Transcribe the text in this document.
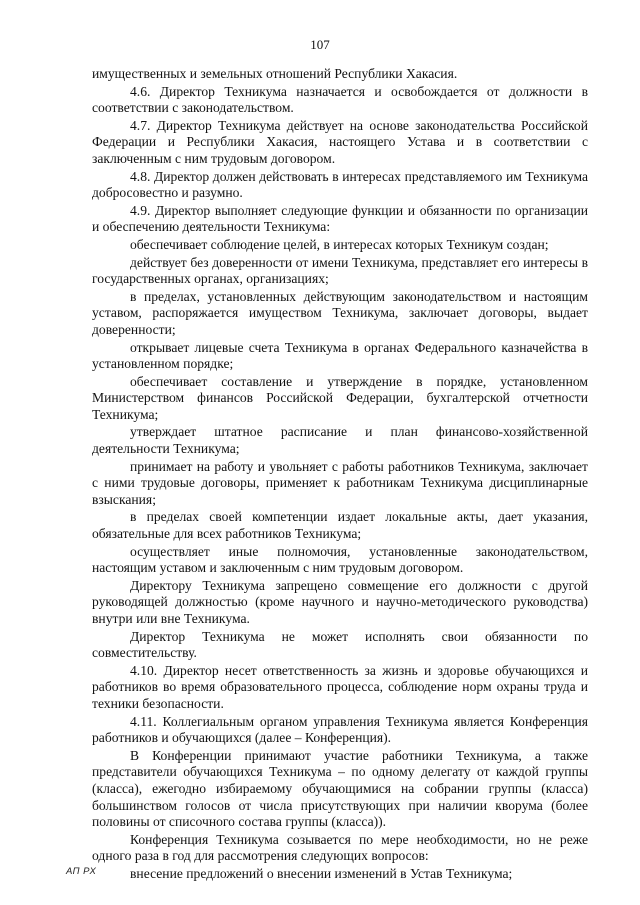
107

имущественных и земельных отношений Республики Хакасия.

4.6. Директор Техникума назначается и освобождается от должности в соответствии с законодательством.

4.7. Директор Техникума действует на основе законодательства Российской Федерации и Республики Хакасия, настоящего Устава и в соответствии с заключенным с ним трудовым договором.

4.8. Директор должен действовать в интересах представляемого им Техникума добросовестно и разумно.

4.9. Директор выполняет следующие функции и обязанности по организации и обеспечению деятельности Техникума:

обеспечивает соблюдение целей, в интересах которых Техникум создан;

действует без доверенности от имени Техникума, представляет его интересы в государственных органах, организациях;

в пределах, установленных действующим законодательством и настоящим уставом, распоряжается имуществом Техникума, заключает договоры, выдает доверенности;

открывает лицевые счета Техникума в органах Федерального казначейства в установленном порядке;

обеспечивает составление и утверждение в порядке, установленном Министерством финансов Российской Федерации, бухгалтерской отчетности Техникума;

утверждает штатное расписание и план финансово-хозяйственной деятельности Техникума;

принимает на работу и увольняет с работы работников Техникума, заключает с ними трудовые договоры, применяет к работникам Техникума дисциплинарные взыскания;

в пределах своей компетенции издает локальные акты, дает указания, обязательные для всех работников Техникума;

осуществляет иные полномочия, установленные законодательством, настоящим уставом и заключенным с ним трудовым договором.

Директору Техникума запрещено совмещение его должности с другой руководящей должностью (кроме научного и научно-методического руководства) внутри или вне Техникума.

Директор Техникума не может исполнять свои обязанности по совместительству.

4.10. Директор несет ответственность за жизнь и здоровье обучающихся и работников во время образовательного процесса, соблюдение норм охраны труда и техники безопасности.

4.11. Коллегиальным органом управления Техникума является Конференция работников и обучающихся (далее – Конференция).

В Конференции принимают участие работники Техникума, а также представители обучающихся Техникума – по одному делегату от каждой группы (класса), ежегодно избираемому обучающимися на собрании группы (класса) большинством голосов от числа присутствующих при наличии кворума (более половины от списочного состава группы (класса)).

Конференция Техникума созывается по мере необходимости, но не реже одного раза в год для рассмотрения следующих вопросов:

внесение предложений о внесении изменений в Устав Техникума;

АП РХ
